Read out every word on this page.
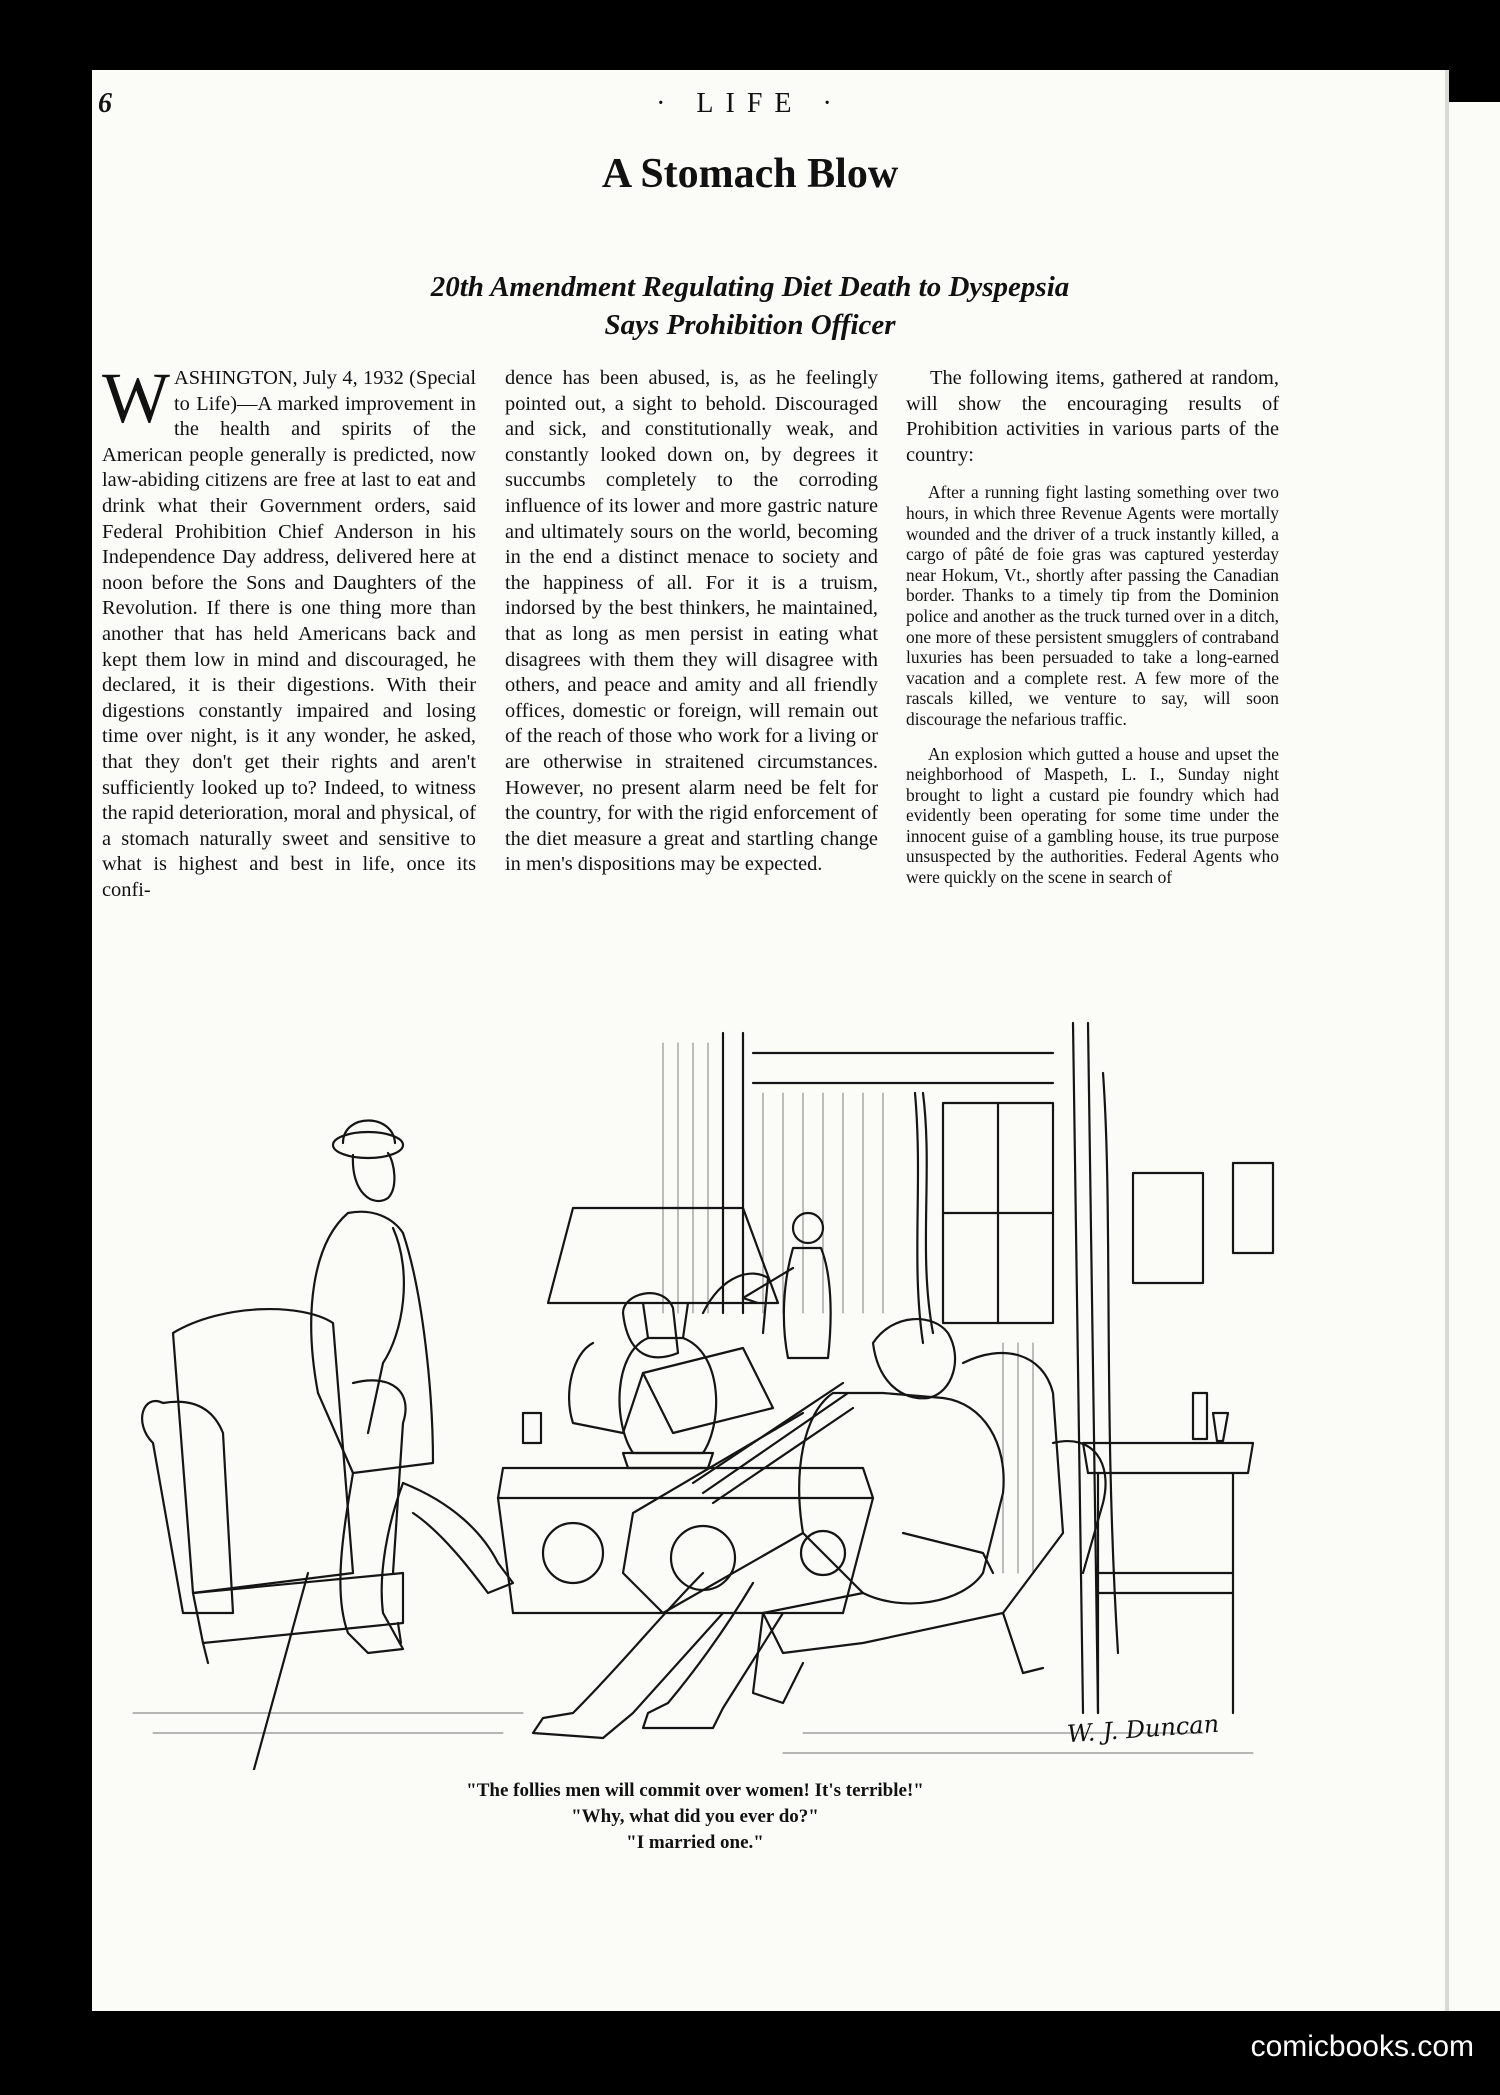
6	· LIFE ·
A Stomach Blow
20th Amendment Regulating Diet Death to Dyspepsia
Says Prohibition Officer
W ASHINGTON, July 4, 1932 (Special to Life)—A marked improvement in the health and spirits of the American people generally is predicted, now law-abiding citizens are free at last to eat and drink what their Government orders, said Federal Prohibition Chief Anderson in his Independence Day address, delivered here at noon before the Sons and Daughters of the Revolution. If there is one thing more than another that has held Americans back and kept them low in mind and discouraged, he declared, it is their digestions. With their digestions constantly impaired and losing time over night, is it any wonder, he asked, that they don't get their rights and aren't sufficiently looked up to? Indeed, to witness the rapid deterioration, moral and physical, of a stomach naturally sweet and sensitive to what is highest and best in life, once its confi-

dence has been abused, is, as he feelingly pointed out, a sight to behold. Discouraged and sick, and constitutionally weak, and constantly looked down on, by degrees it succumbs completely to the corroding influence of its lower and more gastric nature and ultimately sours on the world, becoming in the end a distinct menace to society and the happiness of all. For it is a truism, indorsed by the best thinkers, he maintained, that as long as men persist in eating what disagrees with them they will disagree with others, and peace and amity and all friendly offices, domestic or foreign, will remain out of the reach of those who work for a living or are otherwise in straitened circumstances. However, no present alarm need be felt for the country, for with the rigid enforcement of the diet measure a great and startling change in men's dispositions may be expected.

The following items, gathered at random, will show the encouraging results of Prohibition activities in various parts of the country:

After a running fight lasting something over two hours, in which three Revenue Agents were mortally wounded and the driver of a truck instantly killed, a cargo of pâté de foie gras was captured yesterday near Hokum, Vt., shortly after passing the Canadian border. Thanks to a timely tip from the Dominion police and another as the truck turned over in a ditch, one more of these persistent smugglers of contraband luxuries has been persuaded to take a long-earned vacation and a complete rest. A few more of the rascals killed, we venture to say, will soon discourage the nefarious traffic.

An explosion which gutted a house and upset the neighborhood of Maspeth, L. I., Sunday night brought to light a custard pie foundry which had evidently been operating for some time under the innocent guise of a gambling house, its true purpose unsuspected by the authorities. Federal Agents who were quickly on the scene in search of

W. J. Duncan
"The follies men will commit over women! It's terrible!"
"Why, what did you ever do?"
"I married one."
comicbooks.com
